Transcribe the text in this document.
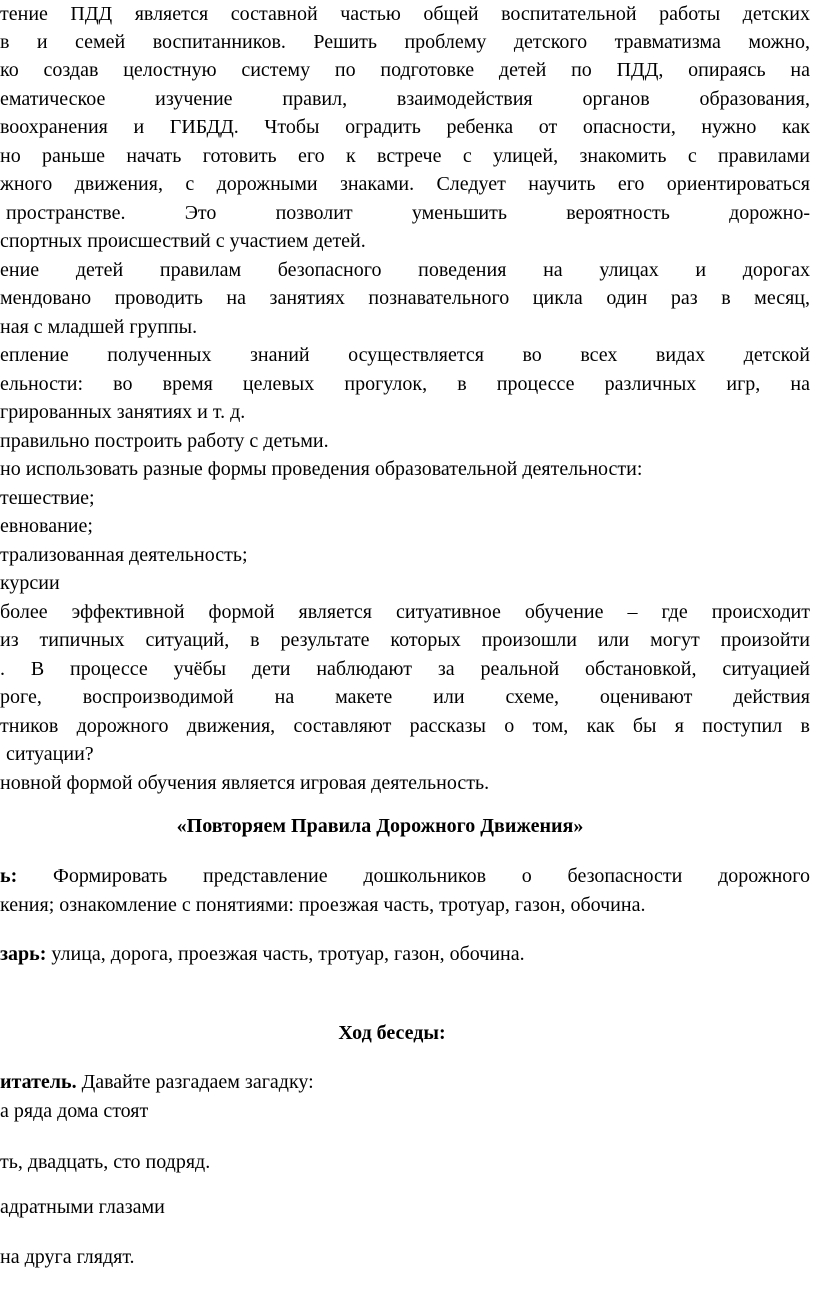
тение ПДД является составной частью общей воспитательной работы детских
в и семей воспитанников. Решить проблему детского травматизма можно,
ко создав целостную систему по подготовке детей по ПДД, опираясь на
ематическое изучение правил, взаимодействия органов образования,
воохранения и ГИБДД. Чтобы оградить ребенка от опасности, нужно как
но раньше начать готовить его к встрече с улицей, знакомить с правилами
жного движения, с дорожными знаками. Следует научить его ориентироваться
пространстве. Это позволит уменьшить вероятность дорожно-
спортных происшествий с участием детей.
ение детей правилам безопасного поведения на улицах и дорогах
мендовано проводить на занятиях познавательного цикла один раз в месяц,
ная с младшей группы.
епление полученных знаний осуществляется во всех видах детской
ельности: во время целевых прогулок, в процессе различных игр, на
грированных занятиях и т. д.
правильно построить работу с детьми.
но использовать разные формы проведения образовательной деятельности:
тешествие;
евнование;
трализованная деятельность;
курсии
более эффективной формой является ситуативное обучение – где происходит
из типичных ситуаций, в результате которых произошли или могут произойти
. В процессе учёбы дети наблюдают за реальной обстановкой, ситуацией
роге, воспроизводимой на макете или схеме, оценивают действия
тников дорожного движения, составляют рассказы о том, как бы я поступил в
ситуации?
новной формой обучения является игровая деятельность.
«Повторяем Правила Дорожного Движения»
ь: Формировать представление дошкольников о безопасности дорожного
кения; ознакомление с понятиями: проезжая часть, тротуар, газон, обочина.
зарь: улица, дорога, проезжая часть, тротуар, газон, обочина.
Ход беседы:
итатель. Давайте разгадаем загадку:
а ряда дома стоят
ть, двадцать, сто подряд.
адратными глазами
на друга глядят.
